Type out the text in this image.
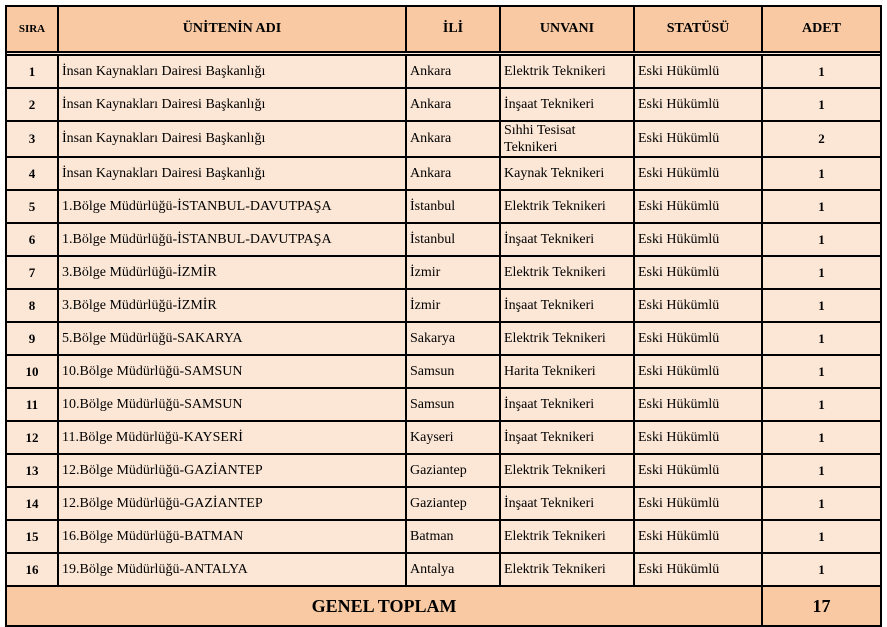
SIRA	ÜNİTENİN ADI	İLİ	UNVANI	STATÜSÜ	ADET

1	İnsan Kaynakları Dairesi Başkanlığı	Ankara	Elektrik Teknikeri	Eski Hükümlü	1
2	İnsan Kaynakları Dairesi Başkanlığı	Ankara	İnşaat Teknikeri	Eski Hükümlü	1
3	İnsan Kaynakları Dairesi Başkanlığı	Ankara	Sıhhi Tesisat Teknikeri	Eski Hükümlü	2
4	İnsan Kaynakları Dairesi Başkanlığı	Ankara	Kaynak Teknikeri	Eski Hükümlü	1
5	1.Bölge Müdürlüğü-İSTANBUL-DAVUTPAŞA	İstanbul	Elektrik Teknikeri	Eski Hükümlü	1
6	1.Bölge Müdürlüğü-İSTANBUL-DAVUTPAŞA	İstanbul	İnşaat Teknikeri	Eski Hükümlü	1
7	3.Bölge Müdürlüğü-İZMİR	İzmir	Elektrik Teknikeri	Eski Hükümlü	1
8	3.Bölge Müdürlüğü-İZMİR	İzmir	İnşaat Teknikeri	Eski Hükümlü	1
9	5.Bölge Müdürlüğü-SAKARYA	Sakarya	Elektrik Teknikeri	Eski Hükümlü	1
10	10.Bölge Müdürlüğü-SAMSUN	Samsun	Harita Teknikeri	Eski Hükümlü	1
11	10.Bölge Müdürlüğü-SAMSUN	Samsun	İnşaat Teknikeri	Eski Hükümlü	1
12	11.Bölge Müdürlüğü-KAYSERİ	Kayseri	İnşaat Teknikeri	Eski Hükümlü	1
13	12.Bölge Müdürlüğü-GAZİANTEP	Gaziantep	Elektrik Teknikeri	Eski Hükümlü	1
14	12.Bölge Müdürlüğü-GAZİANTEP	Gaziantep	İnşaat Teknikeri	Eski Hükümlü	1
15	16.Bölge Müdürlüğü-BATMAN	Batman	Elektrik Teknikeri	Eski Hükümlü	1
16	19.Bölge Müdürlüğü-ANTALYA	Antalya	Elektrik Teknikeri	Eski Hükümlü	1
GENEL TOPLAM					17
